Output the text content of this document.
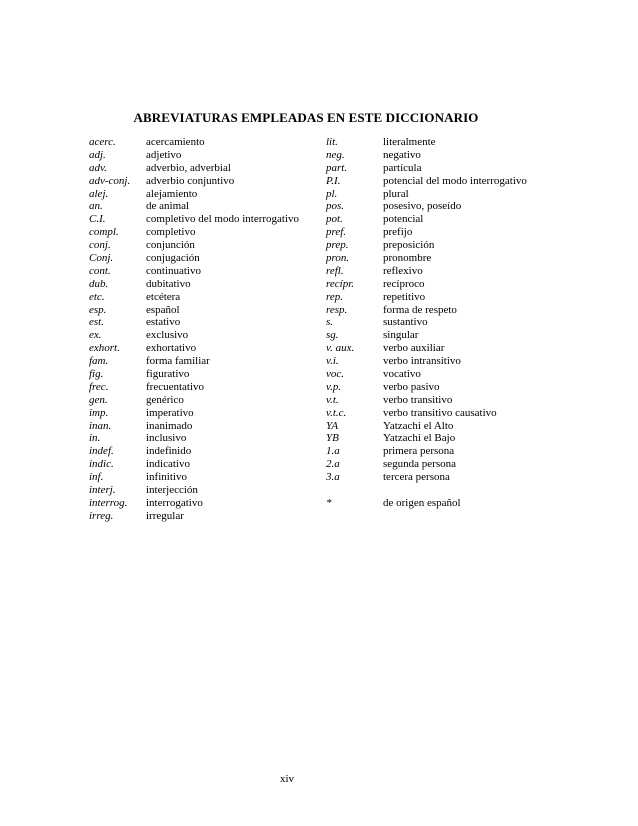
ABREVIATURAS EMPLEADAS EN ESTE DICCIONARIO
acerc.	acercamiento
adj.	adjetivo
adv.	adverbio, adverbial
adv-conj. adverbio conjuntivo
alej.	alejamiento
an.	de animal
C.I.	completivo del modo interrogativo
compl. completivo
conj.	conjunción
Conj.	conjugación
cont.	continuativo
dub.	dubitativo
etc.	etcétera
esp.	español
est.	estativo
ex.	exclusivo
exhort. exhortativo
fam.	forma familiar
fig.	figurativo
frec.	frecuentativo
gen.	genérico
imp.	imperativo
inan.	inanimado
in.	inclusivo
indef.	indefinido
indic.	indicativo
inf.	infinitivo
interj.	interjección
interrog. interrogativo
irreg.	irregular
lit.	literalmente
neg.	negativo
part.	partícula
P.I.	potencial del modo interrogativo
pl.	plural
pos.	posesivo, poseído
pot.	potencial
pref.	prefijo
prep.	preposición
pron.	pronombre
refl.	reflexivo
recípr.	recíproco
rep.	repetitivo
resp.	forma de respeto
s.	sustantivo
sg.	singular
v. aux.	verbo auxiliar
v.i.	verbo intransitivo
voc.	vocativo
v.p.	verbo pasivo
v.t.	verbo transitivo
v.t.c.	verbo transitivo causativo
YA	Yatzachi el Alto
YB	Yatzachi el Bajo
1.a	primera persona
2.a	segunda persona
3.a	tercera persona
*	de origen español
xiv
